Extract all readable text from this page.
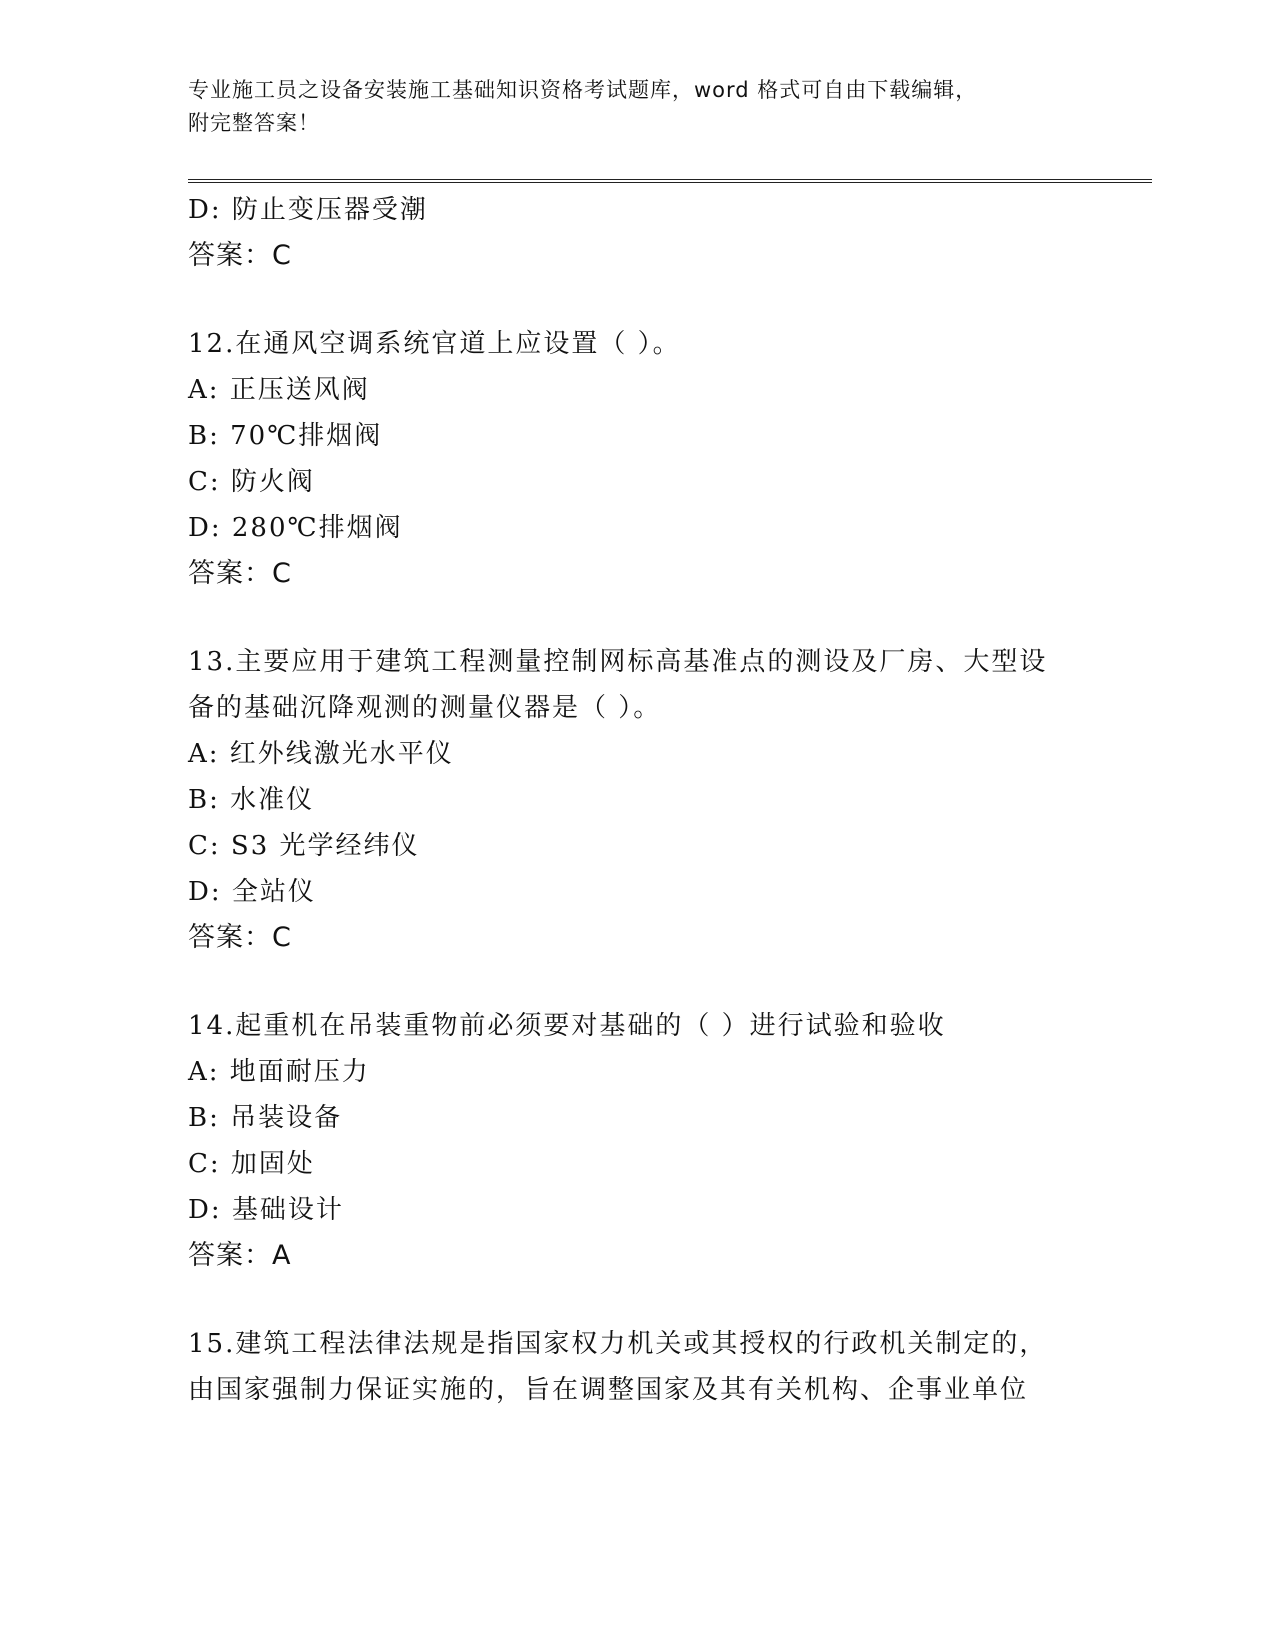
专业施工员之设备安装施工基础知识资格考试题库，word 格式可自由下载编辑，
附完整答案！
D: 防止变压器受潮
答案：C
12.在通风空调系统官道上应设置（ ）。
A: 正压送风阀
B: 70℃排烟阀
C: 防火阀
D: 280℃排烟阀
答案：C
13.主要应用于建筑工程测量控制网标高基准点的测设及厂房、大型设
备的基础沉降观测的测量仪器是（ ）。
A: 红外线激光水平仪
B: 水准仪
C: S3 光学经纬仪
D: 全站仪
答案：C
14.起重机在吊装重物前必须要对基础的（ ）进行试验和验收
A: 地面耐压力
B: 吊装设备
C: 加固处
D: 基础设计
答案：A
15.建筑工程法律法规是指国家权力机关或其授权的行政机关制定的，
由国家强制力保证实施的，旨在调整国家及其有关机构、企事业单位
